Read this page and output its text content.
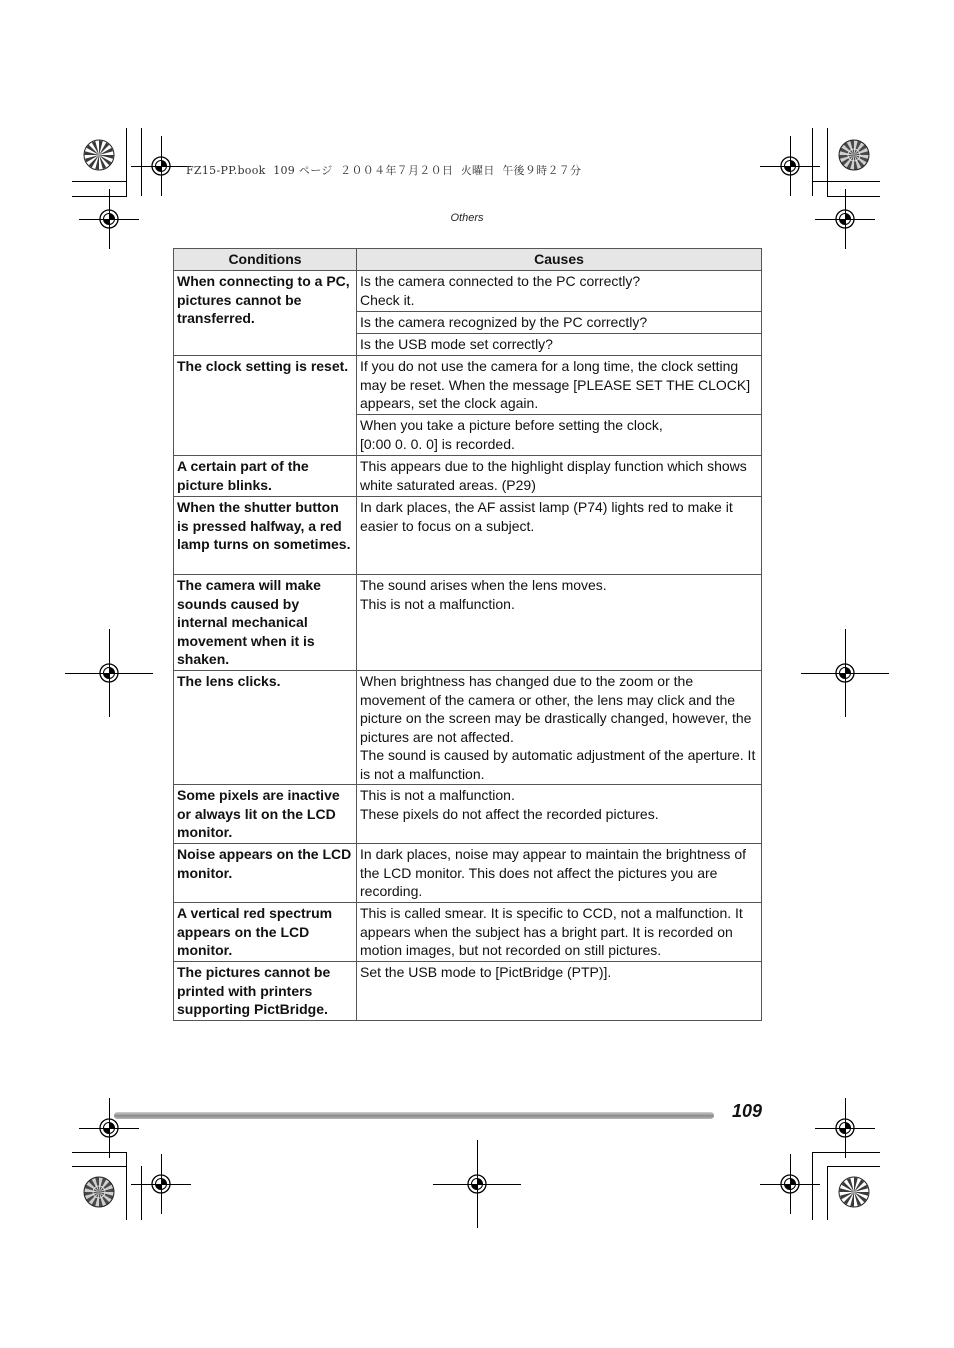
FZ15-PP.book  109 ページ  ２００４年７月２０日  火曜日  午後９時２７分
Others
Conditions	Causes
When connecting to a PC, pictures cannot be transferred.	Is the camera connected to the PC correctly?
Check it.
	Is the camera recognized by the PC correctly?
	Is the USB mode set correctly?
The clock setting is reset.	If you do not use the camera for a long time, the clock setting may be reset. When the message [PLEASE SET THE CLOCK] appears, set the clock again.
	When you take a picture before setting the clock,
[0:00 0. 0. 0] is recorded.
A certain part of the picture blinks.	This appears due to the highlight display function which shows white saturated areas. (P29)
When the shutter button is pressed halfway, a red lamp turns on sometimes.	In dark places, the AF assist lamp (P74) lights red to make it easier to focus on a subject.
The camera will make sounds caused by internal mechanical movement when it is shaken.	The sound arises when the lens moves.
This is not a malfunction.
The lens clicks.	When brightness has changed due to the zoom or the movement of the camera or other, the lens may click and the picture on the screen may be drastically changed, however, the pictures are not affected.
The sound is caused by automatic adjustment of the aperture. It is not a malfunction.
Some pixels are inactive or always lit on the LCD monitor.	This is not a malfunction.
These pixels do not affect the recorded pictures.
Noise appears on the LCD monitor.	In dark places, noise may appear to maintain the brightness of the LCD monitor. This does not affect the pictures you are recording.
A vertical red spectrum appears on the LCD monitor.	This is called smear. It is specific to CCD, not a malfunction. It appears when the subject has a bright part. It is recorded on motion images, but not recorded on still pictures.
The pictures cannot be printed with printers supporting PictBridge.	Set the USB mode to [PictBridge (PTP)].
109
